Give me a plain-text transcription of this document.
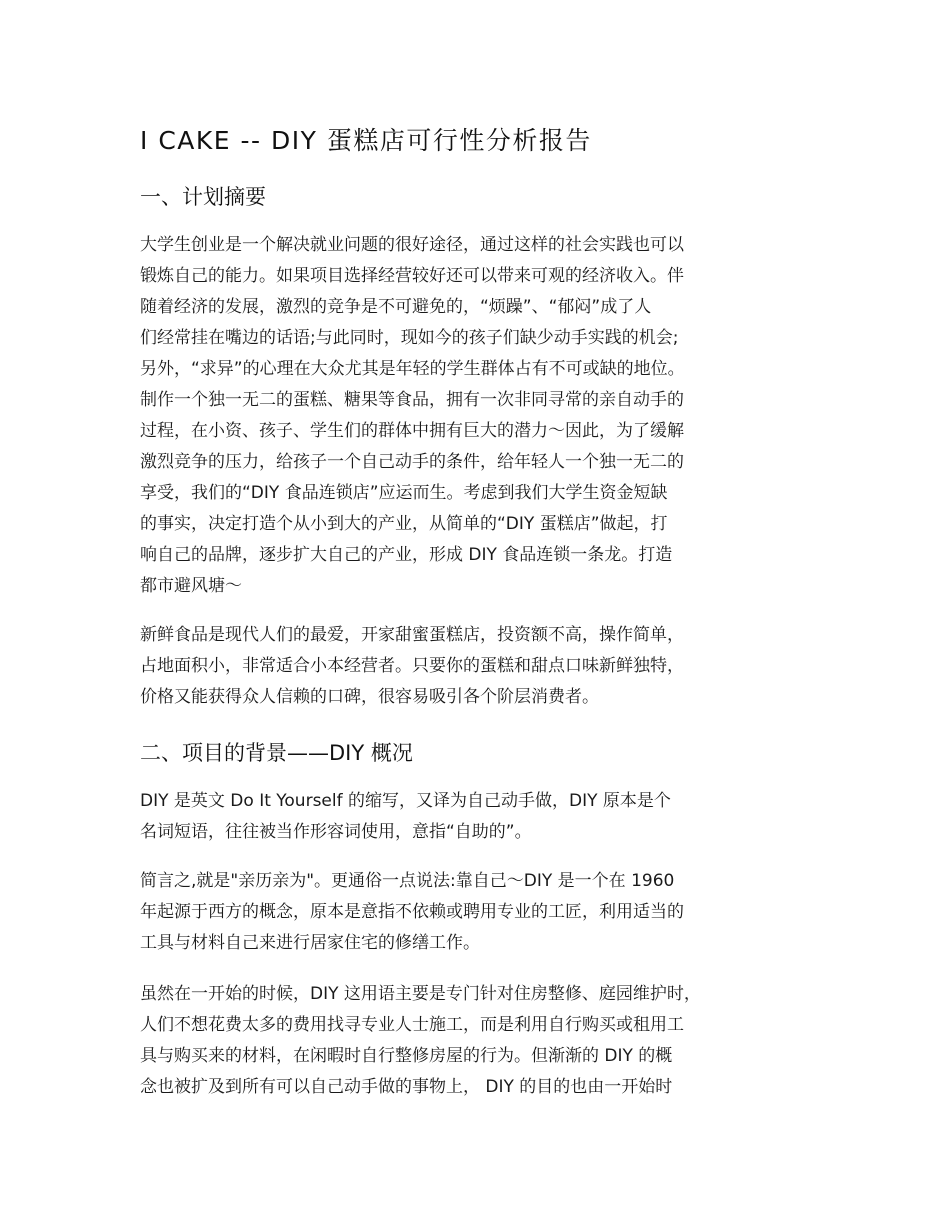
I CAKE -- DIY 蛋糕店可行性分析报告
一、计划摘要
大学生创业是一个解决就业问题的很好途径，通过这样的社会实践也可以
锻炼自己的能力。如果项目选择经营较好还可以带来可观的经济收入。伴
随着经济的发展，激烈的竞争是不可避免的，“烦躁”、“郁闷”成了人
们经常挂在嘴边的话语;与此同时，现如今的孩子们缺少动手实践的机会;
另外，“求异”的心理在大众尤其是年轻的学生群体占有不可或缺的地位。
制作一个独一无二的蛋糕、糖果等食品，拥有一次非同寻常的亲自动手的
过程，在小资、孩子、学生们的群体中拥有巨大的潜力～因此，为了缓解
激烈竞争的压力，给孩子一个自己动手的条件，给年轻人一个独一无二的
享受，我们的“DIY 食品连锁店”应运而生。考虑到我们大学生资金短缺
的事实，决定打造个从小到大的产业，从简单的“DIY 蛋糕店”做起，打
响自己的品牌，逐步扩大自己的产业，形成 DIY 食品连锁一条龙。打造
都市避风塘～
新鲜食品是现代人们的最爱，开家甜蜜蛋糕店，投资额不高，操作简单，
占地面积小，非常适合小本经营者。只要你的蛋糕和甜点口味新鲜独特，
价格又能获得众人信赖的口碑，很容易吸引各个阶层消费者。
二、项目的背景——DIY 概况
DIY 是英文 Do It Yourself 的缩写，又译为自己动手做，DIY 原本是个
名词短语，往往被当作形容词使用，意指“自助的”。
简言之,就是"亲历亲为"。更通俗一点说法:靠自己～DIY 是一个在 1960
年起源于西方的概念，原本是意指不依赖或聘用专业的工匠，利用适当的
工具与材料自己来进行居家住宅的修缮工作。
虽然在一开始的时候，DIY 这用语主要是专门针对住房整修、庭园维护时，
人们不想花费太多的费用找寻专业人士施工，而是利用自行购买或租用工
具与购买来的材料，在闲暇时自行整修房屋的行为。但渐渐的 DIY 的概
念也被扩及到所有可以自己动手做的事物上， DIY 的目的也由一开始时
